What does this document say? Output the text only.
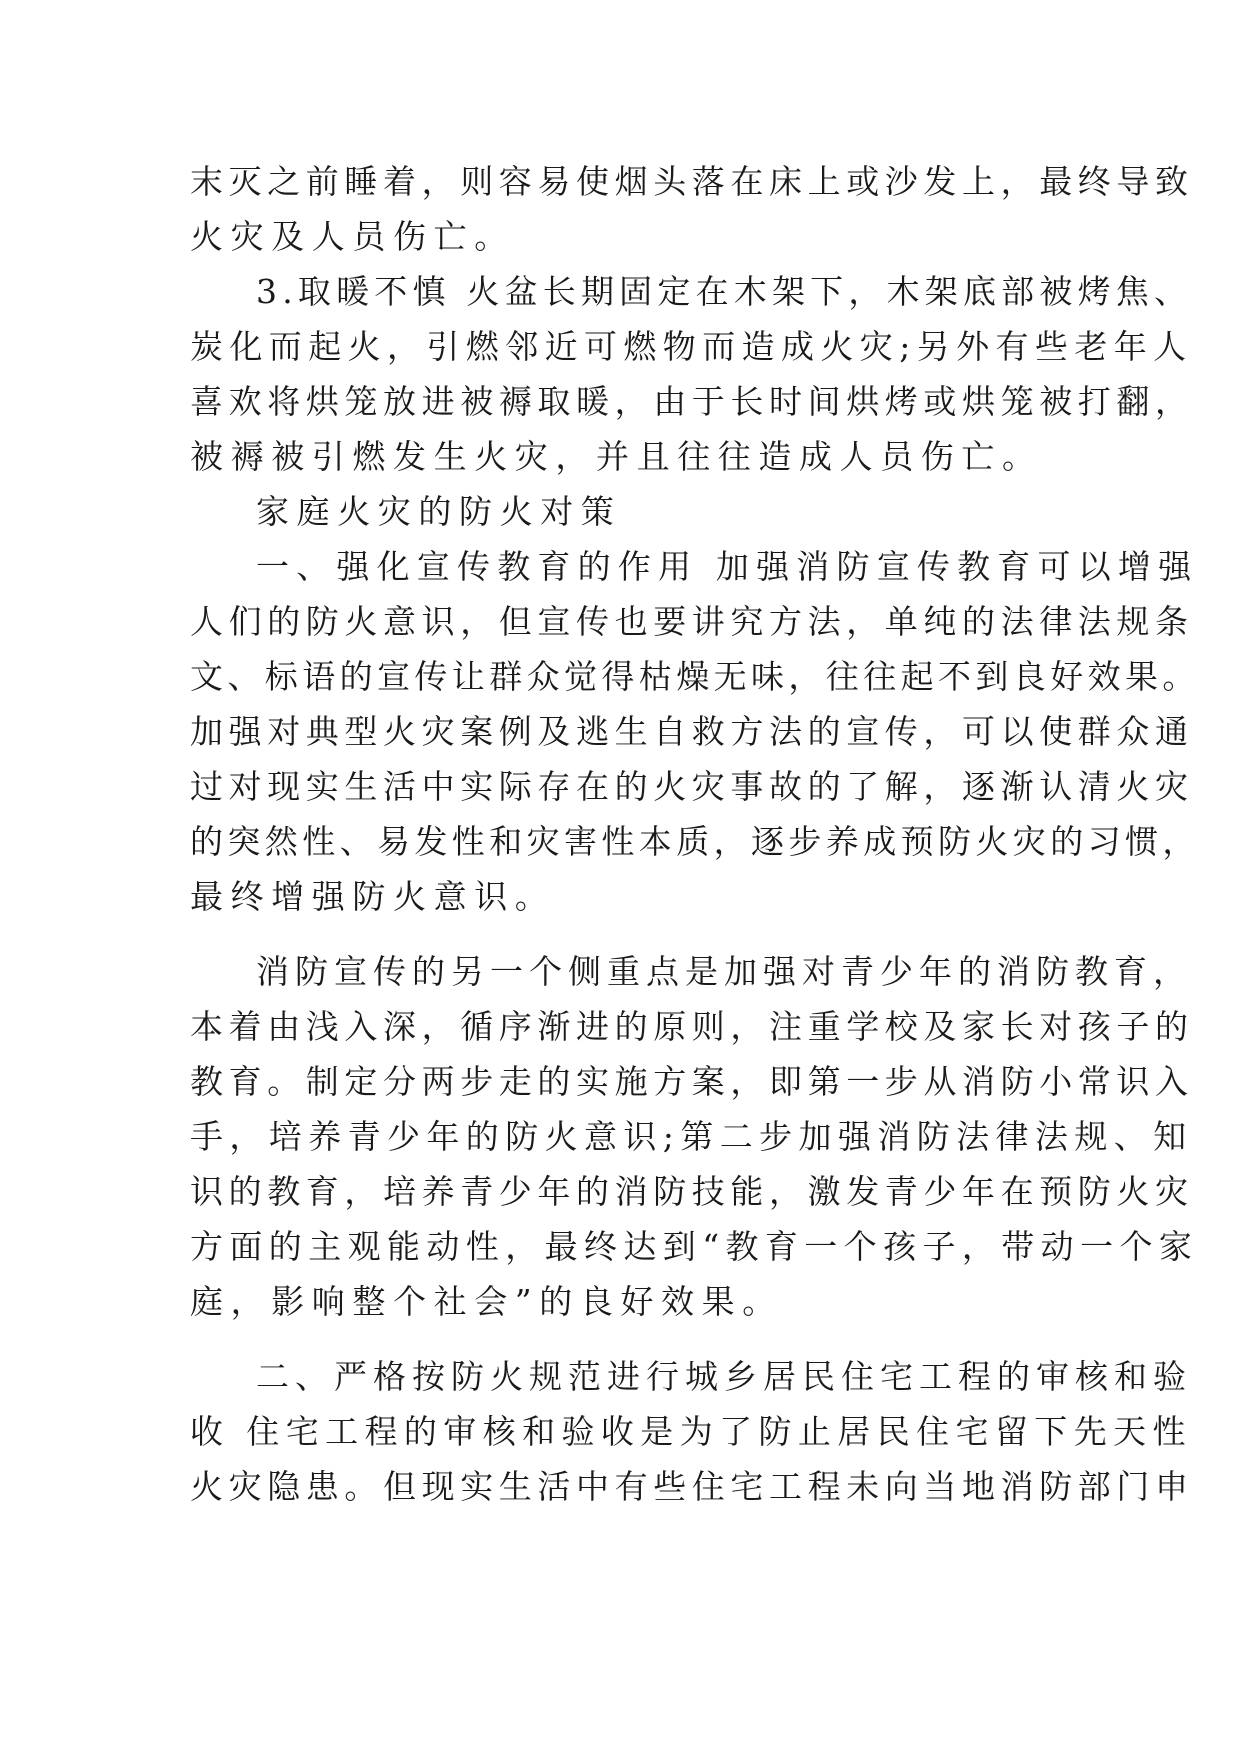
末灭之前睡着，则容易使烟头落在床上或沙发上，最终导致
火灾及人员伤亡。
3.取暖不慎 火盆长期固定在木架下，木架底部被烤焦、
炭化而起火，引燃邻近可燃物而造成火灾;另外有些老年人
喜欢将烘笼放进被褥取暖，由于长时间烘烤或烘笼被打翻，
被褥被引燃发生火灾，并且往往造成人员伤亡。
家庭火灾的防火对策
一、强化宣传教育的作用 加强消防宣传教育可以增强
人们的防火意识，但宣传也要讲究方法，单纯的法律法规条
文、标语的宣传让群众觉得枯燥无味，往往起不到良好效果。
加强对典型火灾案例及逃生自救方法的宣传，可以使群众通
过对现实生活中实际存在的火灾事故的了解，逐渐认清火灾
的突然性、易发性和灾害性本质，逐步养成预防火灾的习惯，
最终增强防火意识。
消防宣传的另一个侧重点是加强对青少年的消防教育，
本着由浅入深，循序渐进的原则，注重学校及家长对孩子的
教育。制定分两步走的实施方案，即第一步从消防小常识入
手，培养青少年的防火意识;第二步加强消防法律法规、知
识的教育，培养青少年的消防技能，激发青少年在预防火灾
方面的主观能动性，最终达到“教育一个孩子，带动一个家
庭，影响整个社会”的良好效果。
二、严格按防火规范进行城乡居民住宅工程的审核和验
收 住宅工程的审核和验收是为了防止居民住宅留下先天性
火灾隐患。但现实生活中有些住宅工程未向当地消防部门申
